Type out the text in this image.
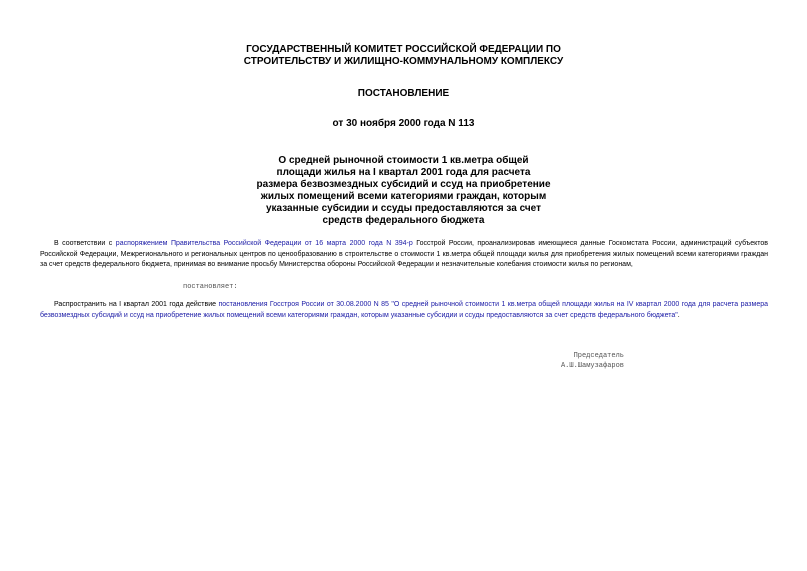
ГОСУДАРСТВЕННЫЙ КОМИТЕТ РОССИЙСКОЙ ФЕДЕРАЦИИ ПО
СТРОИТЕЛЬСТВУ И ЖИЛИЩНО-КОММУНАЛЬНОМУ КОМПЛЕКСУ
ПОСТАНОВЛЕНИЕ
от 30 ноября 2000 года N 113
О средней рыночной стоимости 1 кв.метра общей
площади жилья на I квартал 2001 года для расчета
размера безвозмездных субсидий и ссуд на приобретение
жилых помещений всеми категориями граждан, которым
указанные субсидии и ссуды предоставляются за счет
средств федерального бюджета
В соответствии с распоряжением Правительства Российской Федерации от 16 марта 2000 года N 394-р Госстрой России, проанализировав имеющиеся данные Госкомстата России, администраций субъектов Российской Федерации, Межрегионального и региональных центров по ценообразованию в строительстве о стоимости 1 кв.метра общей площади жилья для приобретения жилых помещений всеми категориями граждан за счет средств федерального бюджета, принимая во внимание просьбу Министерства обороны Российской Федерации и незначительные колебания стоимости жилья по регионам,
постановляет:
Распространить на I квартал 2001 года действие постановления Госстроя России от 30.08.2000 N 85 "О средней рыночной стоимости 1 кв.метра общей площади жилья на IV квартал 2000 года для расчета размера безвозмездных субсидий и ссуд на приобретение жилых помещений всеми категориями граждан, которым указанные субсидии и ссуды предоставляются за счет средств федерального бюджета".
Председатель
А.Ш.Шамузафаров
